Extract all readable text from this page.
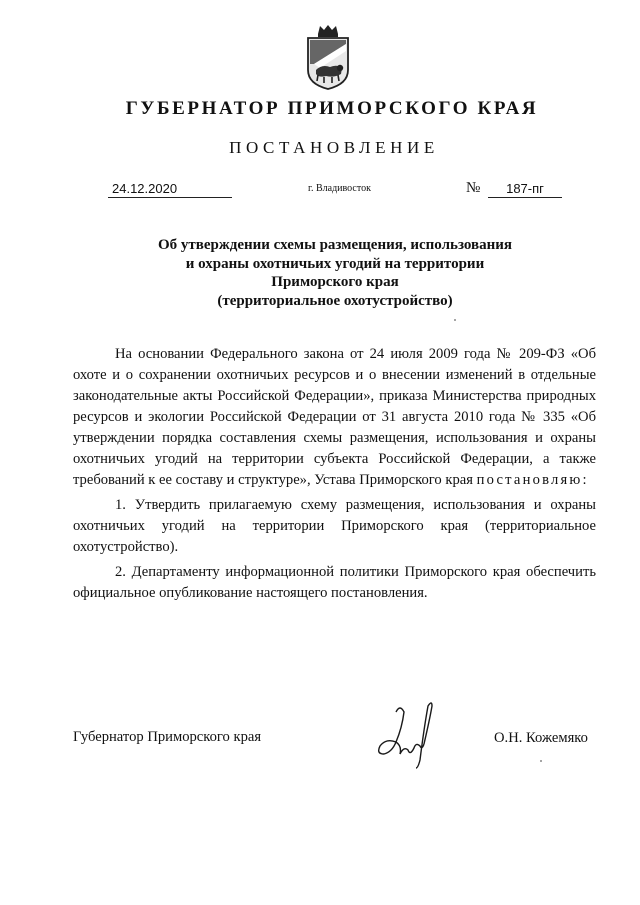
ГУБЕРНАТОР ПРИМОРСКОГО КРАЯ
ПОСТАНОВЛЕНИЕ
24.12.2020	г. Владивосток	№	187-пг
Об утверждении схемы размещения, использования
и охраны охотничьих угодий на территории
Приморского края
(территориальное охотустройство)

На основании Федерального закона от 24 июля 2009 года № 209-ФЗ «Об охоте и о сохранении охотничьих ресурсов и о внесении изменений в отдельные законодательные акты Российской Федерации», приказа Министерства природных ресурсов и экологии Российской Федерации от 31 августа 2010 года № 335 «Об утверждении порядка составления схемы размещения, использования и охраны охотничьих угодий на территории субъекта Российской Федерации, а также требований к ее составу и структуре», Устава Приморского края постановляю:

1. Утвердить прилагаемую схему размещения, использования и охраны охотничьих угодий на территории Приморского края (территориальное охотустройство).

2. Департаменту информационной политики Приморского края обеспечить официальное опубликование настоящего постановления.

Губернатор Приморского края	О.Н. Кожемяко
